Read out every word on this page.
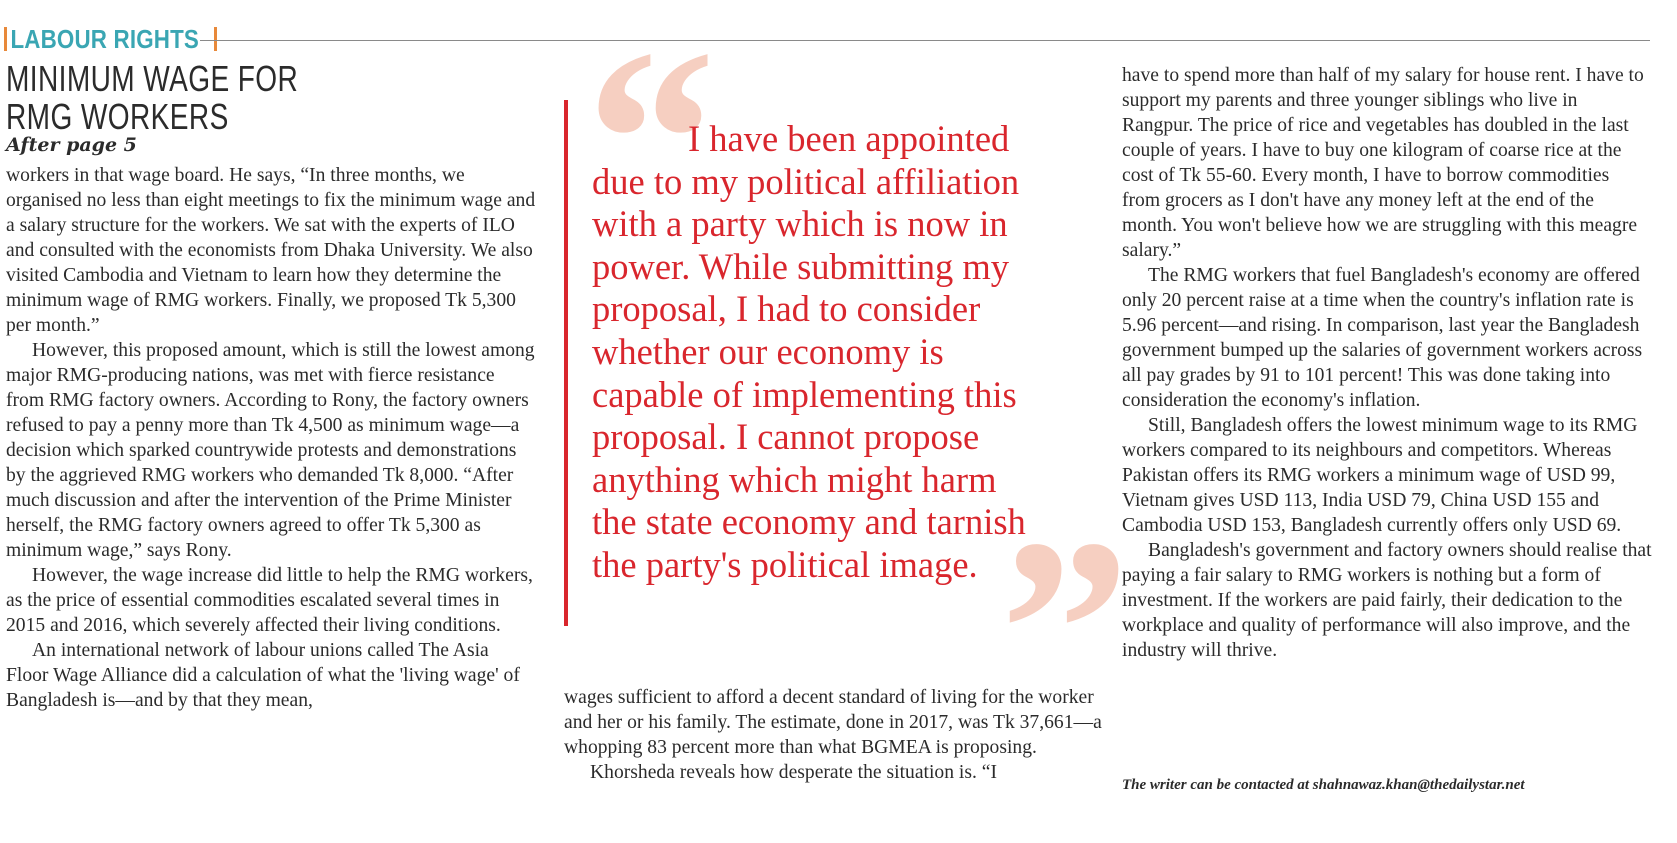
LABOUR RIGHTS
MINIMUM WAGE FOR
RMG WORKERS
After page 5

workers in that wage board. He says, “In three months, we organised no less than eight meetings to fix the minimum wage and a salary structure for the workers. We sat with the experts of ILO and consulted with the economists from Dhaka University. We also visited Cambodia and Vietnam to learn how they determine the minimum wage of RMG workers. Finally, we proposed Tk 5,300 per month.”

However, this proposed amount, which is still the lowest among major RMG-producing nations, was met with fierce resistance from RMG factory owners. According to Rony, the factory owners refused to pay a penny more than Tk 4,500 as minimum wage—a decision which sparked countrywide protests and demonstrations by the aggrieved RMG workers who demanded Tk 8,000. “After much discussion and after the intervention of the Prime Minister herself, the RMG factory owners agreed to offer Tk 5,300 as minimum wage,” says Rony.

However, the wage increase did little to help the RMG workers, as the price of essential commodities escalated several times in 2015 and 2016, which severely affected their living conditions.

An international network of labour unions called The Asia Floor Wage Alliance did a calculation of what the 'living wage' of Bangladesh is—and by that they mean,

“
”
I have been appointed
due to my political affiliation
with a party which is now in
power. While submitting my
proposal, I had to consider
whether our economy is
capable of implementing this
proposal. I cannot propose
anything which might harm
the state economy and tarnish
the party's political image.

wages sufficient to afford a decent standard of living for the worker and her or his family. The estimate, done in 2017, was Tk 37,661—a whopping 83 percent more than what BGMEA is proposing.

Khorsheda reveals how desperate the situation is. “I

have to spend more than half of my salary for house rent. I have to support my parents and three younger siblings who live in Rangpur. The price of rice and vegetables has doubled in the last couple of years. I have to buy one kilogram of coarse rice at the cost of Tk 55-60. Every month, I have to borrow commodities from grocers as I don't have any money left at the end of the month. You won't believe how we are struggling with this meagre salary.”

The RMG workers that fuel Bangladesh's economy are offered only 20 percent raise at a time when the country's inflation rate is 5.96 percent—and rising. In comparison, last year the Bangladesh government bumped up the salaries of government workers across all pay grades by 91 to 101 percent! This was done taking into consideration the economy's inflation.

Still, Bangladesh offers the lowest minimum wage to its RMG workers compared to its neighbours and competitors. Whereas Pakistan offers its RMG workers a minimum wage of USD 99, Vietnam gives USD 113, India USD 79, China USD 155 and Cambodia USD 153, Bangladesh currently offers only USD 69.

Bangladesh's government and factory owners should realise that paying a fair salary to RMG workers is nothing but a form of investment. If the workers are paid fairly, their dedication to the workplace and quality of performance will also improve, and the industry will thrive.

The writer can be contacted at shahnawaz.khan@thedailystar.net
